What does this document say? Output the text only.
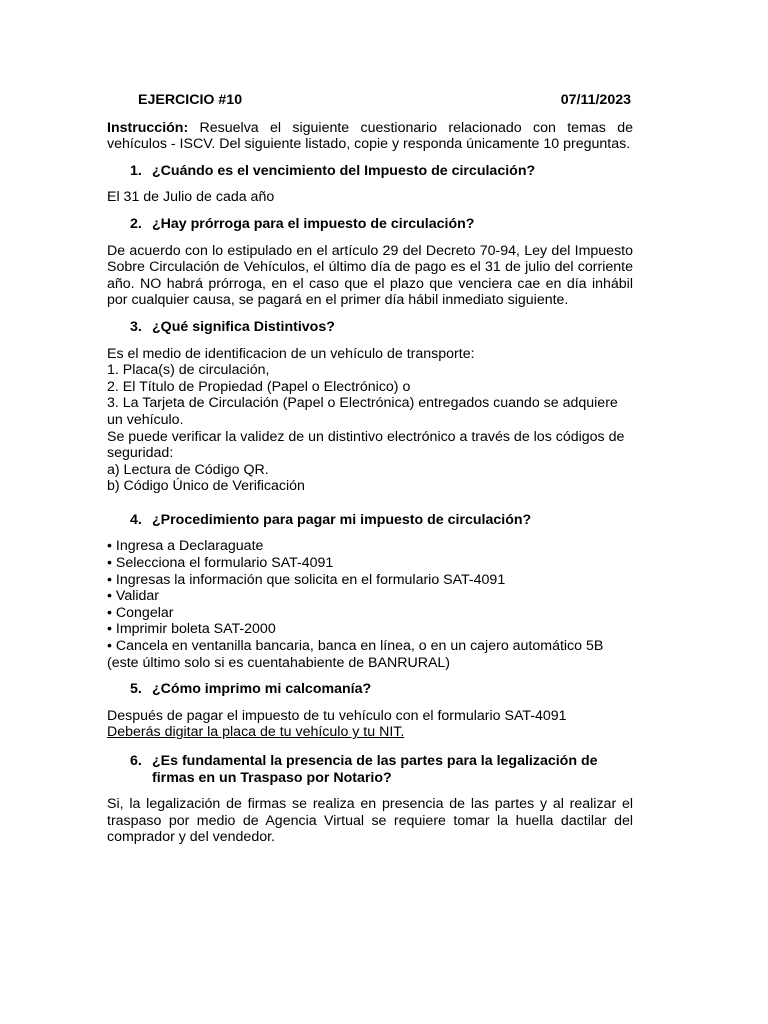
EJERCICIO #10	07/11/2023
Instrucción: Resuelva el siguiente cuestionario relacionado con temas de vehículos - ISCV. Del siguiente listado, copie y responda únicamente 10 preguntas.
1. ¿Cuándo es el vencimiento del Impuesto de circulación?
El 31 de Julio de cada año
2. ¿Hay prórroga para el impuesto de circulación?
De acuerdo con lo estipulado en el artículo 29 del Decreto 70-94, Ley del Impuesto Sobre Circulación de Vehículos, el último día de pago es el 31 de julio del corriente año. NO habrá prórroga, en el caso que el plazo que venciera cae en día inhábil por cualquier causa, se pagará en el primer día hábil inmediato siguiente.
3. ¿Qué significa Distintivos?
Es el medio de identificacion de un vehículo de transporte:
1. Placa(s) de circulación,
2. El Título de Propiedad (Papel o Electrónico) o
3. La Tarjeta de Circulación (Papel o Electrónica) entregados cuando se adquiere un vehículo.
Se puede verificar la validez de un distintivo electrónico a través de los códigos de seguridad:
a) Lectura de Código QR.
b) Código Único de Verificación
4. ¿Procedimiento para pagar mi impuesto de circulación?
• Ingresa a Declaraguate
• Selecciona el formulario SAT-4091
• Ingresas la información que solicita en el formulario SAT-4091
• Validar
• Congelar
• Imprimir boleta SAT-2000
• Cancela en ventanilla bancaria, banca en línea, o en un cajero automático 5B (este último solo si es cuentahabiente de BANRURAL)
5. ¿Cómo imprimo mi calcomanía?
Después de pagar el impuesto de tu vehículo con el formulario SAT-4091
Deberás digitar la placa de tu vehículo y tu NIT.
6. ¿Es fundamental la presencia de las partes para la legalización de firmas en un Traspaso por Notario?
Si, la legalización de firmas se realiza en presencia de las partes y al realizar el traspaso por medio de Agencia Virtual se requiere tomar la huella dactilar del comprador y del vendedor.
